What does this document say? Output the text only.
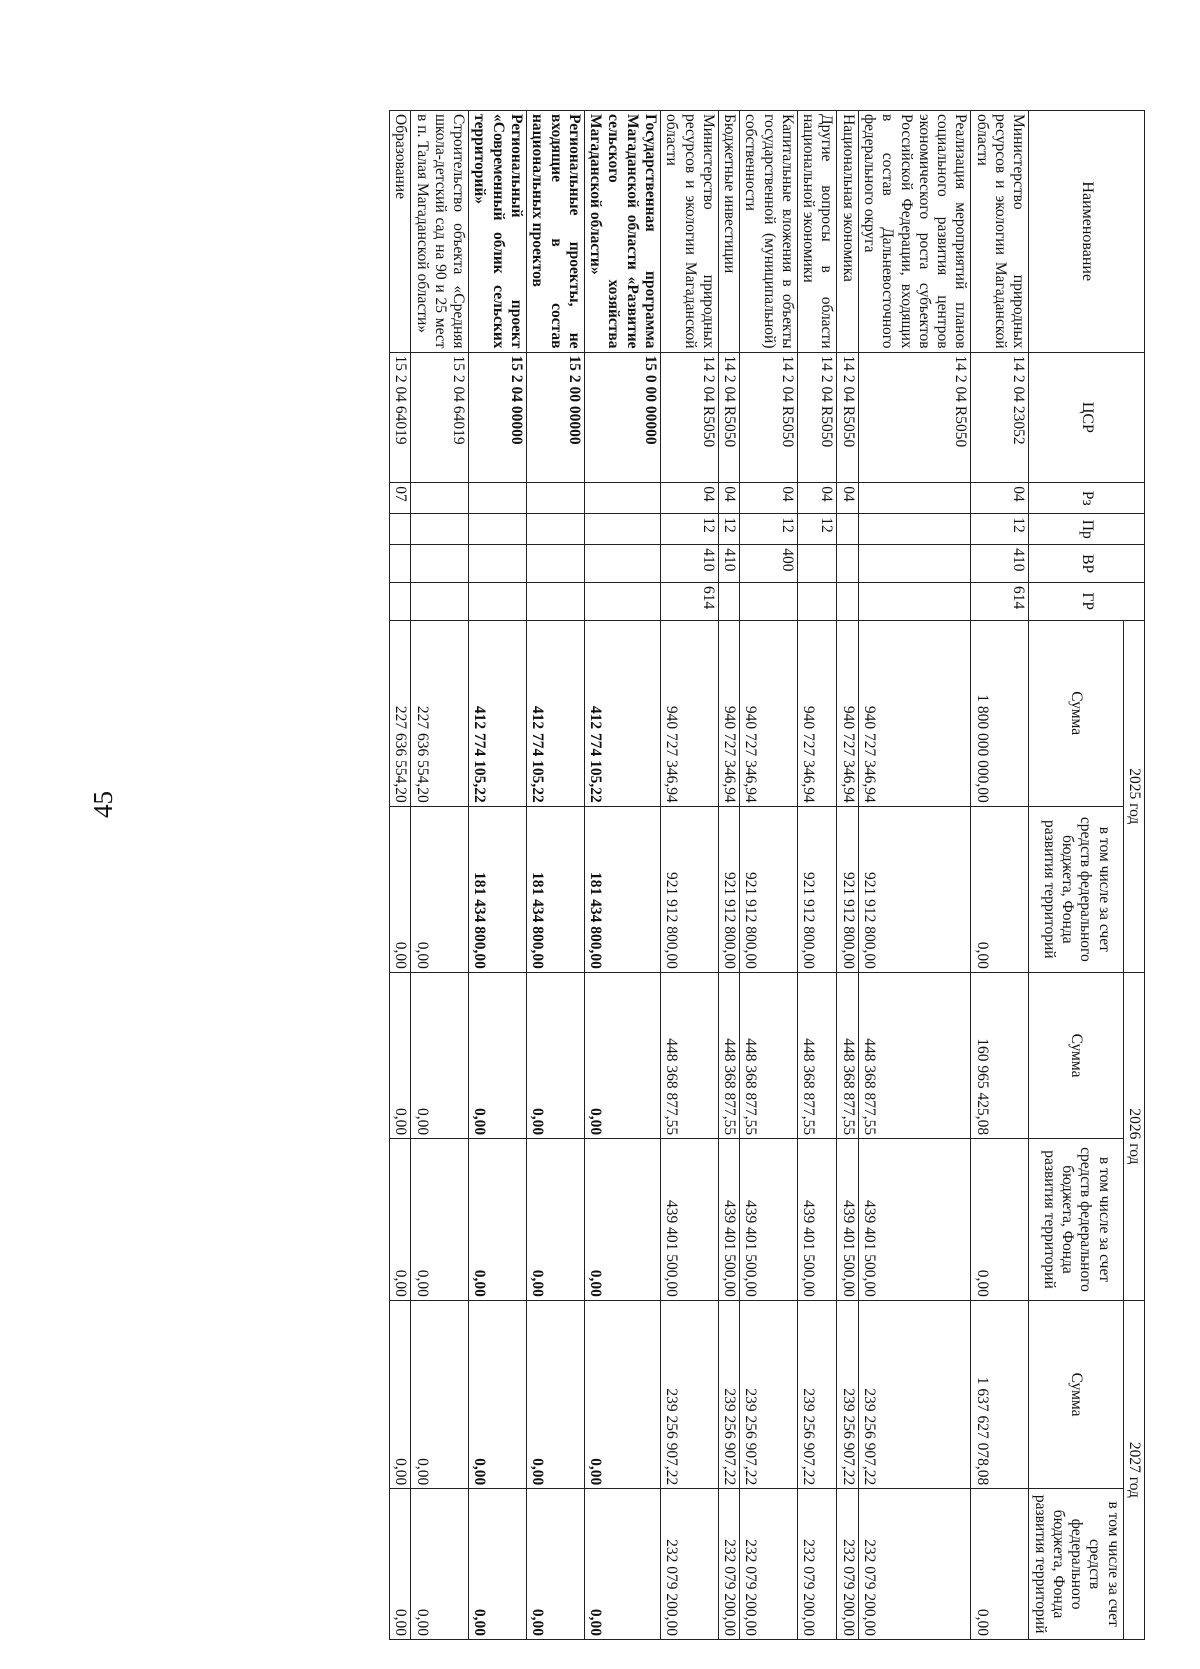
45
Наименование	ЦСР	Рз	Пр	ВР	ГР	2025 год		2026 год		2027 год	
						Сумма	в том числе за счет средств федерального бюджета, Фонда развития территорий	Сумма	в том числе за счет средств федерального бюджета, Фонда развития территорий	Сумма	в том числе за счет средств федерального бюджета, Фонда развития территорий
Министерство природных ресурсов и экологии Магаданской области	14 2 04 23052	04	12	410	614	1 800 000 000,00	0,00	160 965 425,08	0,00	1 637 627 078,08	0,00
Реализация мероприятий планов социального развития центров экономического роста субъектов Российской Федерации, входящих в состав Дальневосточного федерального округа	14 2 04 R5050					940 727 346,94	921 912 800,00	448 368 877,55	439 401 500,00	239 256 907,22	232 079 200,00
Национальная экономика	14 2 04 R5050	04				940 727 346,94	921 912 800,00	448 368 877,55	439 401 500,00	239 256 907,22	232 079 200,00
Другие вопросы в области национальной экономики	14 2 04 R5050	04	12			940 727 346,94	921 912 800,00	448 368 877,55	439 401 500,00	239 256 907,22	232 079 200,00
Капитальные вложения в объекты государственной (муниципальной) собственности	14 2 04 R5050	04	12	400		940 727 346,94	921 912 800,00	448 368 877,55	439 401 500,00	239 256 907,22	232 079 200,00
Бюджетные инвестиции	14 2 04 R5050	04	12	410		940 727 346,94	921 912 800,00	448 368 877,55	439 401 500,00	239 256 907,22	232 079 200,00
Министерство природных ресурсов и экологии Магаданской области	14 2 04 R5050	04	12	410	614	940 727 346,94	921 912 800,00	448 368 877,55	439 401 500,00	239 256 907,22	232 079 200,00
Государственная программа Магаданской области «Развитие сельского хозяйства Магаданской области»	15 0 00 00000					412 774 105,22	181 434 800,00	0,00	0,00	0,00	0,00
Региональные проекты, не входящие в состав национальных проектов	15 2 00 00000					412 774 105,22	181 434 800,00	0,00	0,00	0,00	0,00
Региональный проект «Современный облик сельских территорий»	15 2 04 00000					412 774 105,22	181 434 800,00	0,00	0,00	0,00	0,00
Строительство объекта «Средняя школа-детский сад на 90 и 25 мест в п. Талая Магаданской области»	15 2 04 64019					227 636 554,20	0,00	0,00	0,00	0,00	0,00
Образование	15 2 04 64019	07				227 636 554,20	0,00	0,00	0,00	0,00	0,00
